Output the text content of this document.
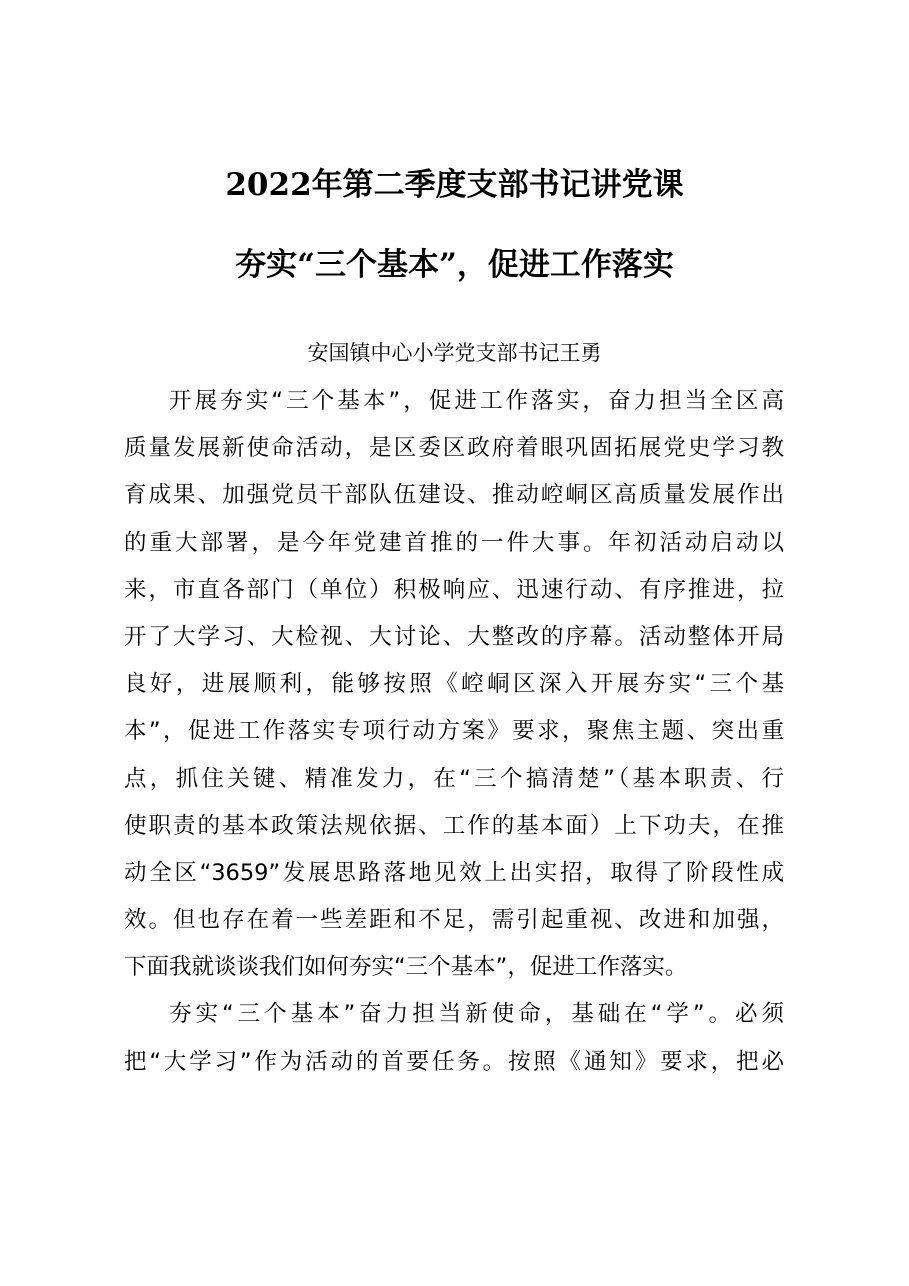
2022年第二季度支部书记讲党课
夯实“三个基本”，促进工作落实

安国镇中心小学党支部书记王勇

开展夯实“三个基本”，促进工作落实，奋力担当全区高
质量发展新使命活动，是区委区政府着眼巩固拓展党史学习教
育成果、加强党员干部队伍建设、推动崆峒区高质量发展作出
的重大部署，是今年党建首推的一件大事。年初活动启动以
来，市直各部门（单位）积极响应、迅速行动、有序推进，拉
开了大学习、大检视、大讨论、大整改的序幕。活动整体开局
良好，进展顺利，能够按照《崆峒区深入开展夯实“三个基
本”，促进工作落实专项行动方案》要求，聚焦主题、突出重
点，抓住关键、精准发力，在“三个搞清楚”（基本职责、行
使职责的基本政策法规依据、工作的基本面）上下功夫，在推
动全区“3659”发展思路落地见效上出实招，取得了阶段性成
效。但也存在着一些差距和不足，需引起重视、改进和加强，
下面我就谈谈我们如何夯实“三个基本”，促进工作落实。
夯实“三个基本”奋力担当新使命，基础在“学”。必须
把“大学习”作为活动的首要任务。按照《通知》要求，把必
